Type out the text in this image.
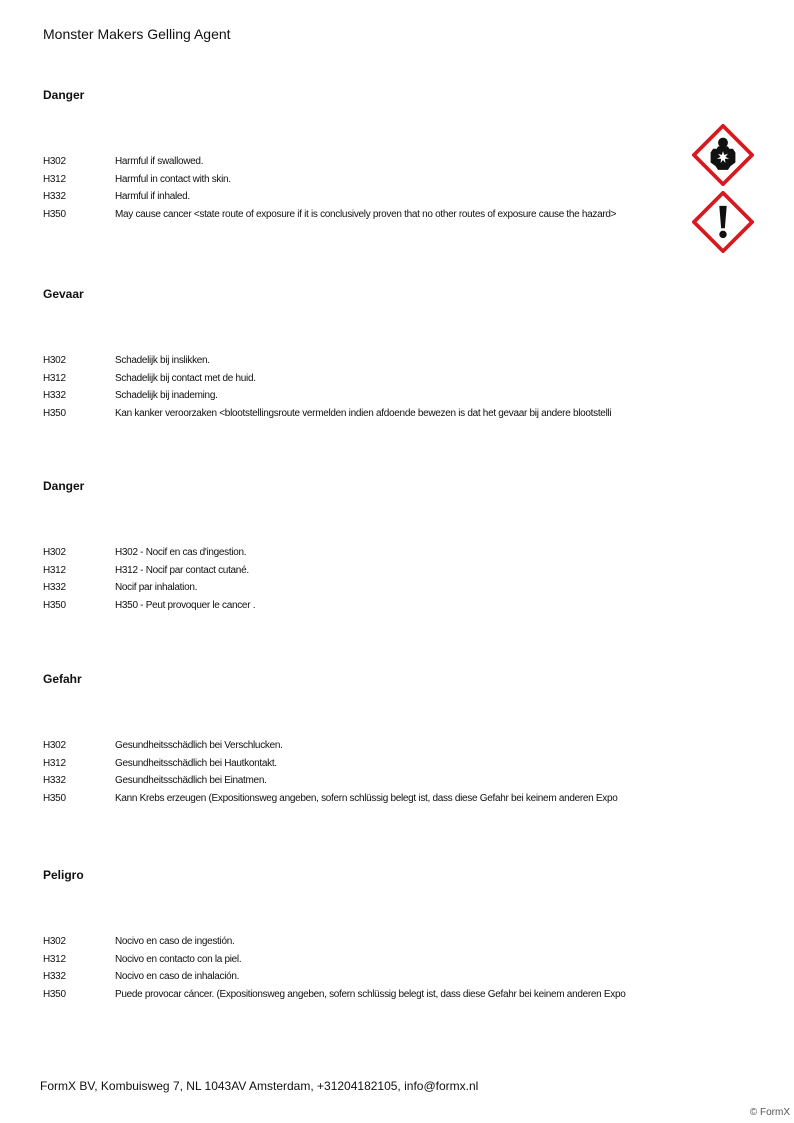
Monster Makers Gelling Agent
Danger
H302	Harmful if swallowed.
H312	Harmful in contact with skin.
H332	Harmful if inhaled.
H350	May cause cancer <state route of exposure if it is conclusively proven that no other routes of exposure cause the hazard>
Gevaar
H302	Schadelijk bij inslikken.
H312	Schadelijk bij contact met de huid.
H332	Schadelijk bij inademing.
H350	Kan kanker veroorzaken <blootstellingsroute vermelden indien afdoende bewezen is dat het gevaar bij andere blootstelli
Danger
H302	H302 - Nocif en cas d'ingestion.
H312	H312 - Nocif par contact cutané.
H332	Nocif par inhalation.
H350	H350 - Peut provoquer le cancer .
Gefahr
H302	Gesundheitsschädlich bei Verschlucken.
H312	Gesundheitsschädlich bei Hautkontakt.
H332	Gesundheitsschädlich bei Einatmen.
H350	Kann Krebs erzeugen (Expositionsweg angeben, sofern schlüssig belegt ist, dass diese Gefahr bei keinem anderen Expo
Peligro
H302	Nocivo en caso de ingestión.
H312	Nocivo en contacto con la piel.
H332	Nocivo en caso de inhalación.
H350	Puede provocar cáncer. (Expositionsweg angeben, sofern schlüssig belegt ist, dass diese Gefahr bei keinem anderen Expo
FormX BV, Kombuisweg 7, NL 1043AV Amsterdam, +31204182105, info@formx.nl
© FormX
